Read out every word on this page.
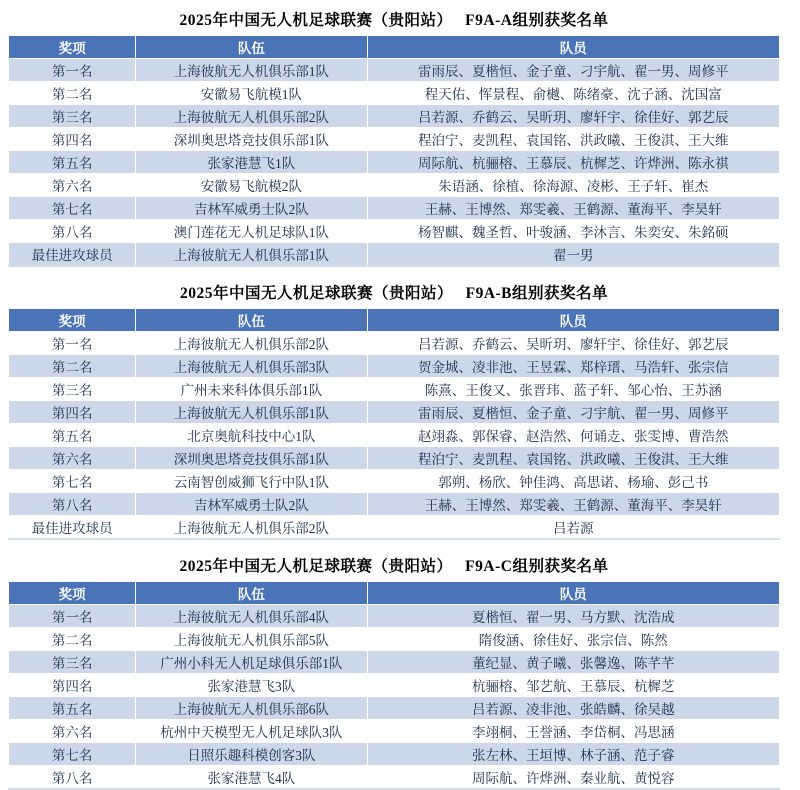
2025年中国无人机足球联赛（贵阳站）　 F9A-A组别获奖名单
奖项	队伍	队员
第一名	上海彼航无人机俱乐部1队	雷雨辰、夏楷恒、金子童、刁宇航、翟一男、周修平
第二名	安徽易飞航模1队	程天佑、恽景程、俞樾、陈绪豪、沈子涵、沈国富
第三名	上海彼航无人机俱乐部2队	吕若源、乔鹤云、吴昕玥、廖轩宇、徐佳好、郭艺辰
第四名	深圳奥思塔竞技俱乐部1队	程泊宁、麦凯程、袁国铭、洪政曦、王俊淇、王大维
第五名	张家港慧飞1队	周际航、杭骊榕、王慕辰、杭樨芝、许烨洲、陈永祺
第六名	安徽易飞航模2队	朱语涵、徐植、徐海源、凌彬、王子轩、崔杰
第七名	吉林军威勇士队2队	王赫、王博然、郑雯羲、王鹤源、董海平、李昊轩
第八名	澳门莲花无人机足球队1队	杨智麒、魏圣哲、叶骏涵、李沐言、朱奕安、朱銘硕
最佳进攻球员	上海彼航无人机俱乐部1队	翟一男
2025年中国无人机足球联赛（贵阳站）　 F9A-B组别获奖名单
奖项	队伍	队员
第一名	上海彼航无人机俱乐部2队	吕若源、乔鹤云、吴昕玥、廖轩宇、徐佳好、郭艺辰
第二名	上海彼航无人机俱乐部3队	贺金城、凌非池、王昱霖、郑梓瑨、马浩轩、张宗信
第三名	广州未来科体俱乐部1队	陈熹、王俊又、张晋玮、蓝子轩、邹心怡、王苏涵
第四名	上海彼航无人机俱乐部1队	雷雨辰、夏楷恒、金子童、刁宇航、翟一男、周修平
第五名	北京奥航科技中心1队	赵翊淼、郭保睿、赵浩然、何诵赱、张雯博、曹浩然
第六名	深圳奥思塔竞技俱乐部1队	程泊宁、麦凯程、袁国铭、洪政曦、王俊淇、王大维
第七名	云南智创威狮飞行中队1队	郭朔、杨欣、钟佳鸿、高思诺、杨瑜、彭己书
第八名	吉林军威勇士队2队	王赫、王博然、郑雯羲、王鹤源、董海平、李昊轩
最佳进攻球员	上海彼航无人机俱乐部2队	吕若源
2025年中国无人机足球联赛（贵阳站）　 F9A-C组别获奖名单
奖项	队伍	队员
第一名	上海彼航无人机俱乐部4队	夏楷恒、翟一男、马方默、沈浩成
第二名	上海彼航无人机俱乐部5队	隋俊涵、徐佳好、张宗信、陈然
第三名	广州小科无人机足球俱乐部1队	董纪显、黄子曦、张馨逸、陈芊芊
第四名	张家港慧飞3队	杭骊榕、邹艺航、王慕辰、杭樨芝
第五名	上海彼航无人机俱乐部6队	吕若源、凌非池、张皓麟、徐吴越
第六名	杭州中天模型无人机足球队3队	李翊桐、王誉涵、李岱桐、冯思涵
第七名	日照乐趣科模创客3队	张左林、王垣博、林子涵、范子睿
第八名	张家港慧飞4队	周际航、许烨洲、秦业航、黄悦容
